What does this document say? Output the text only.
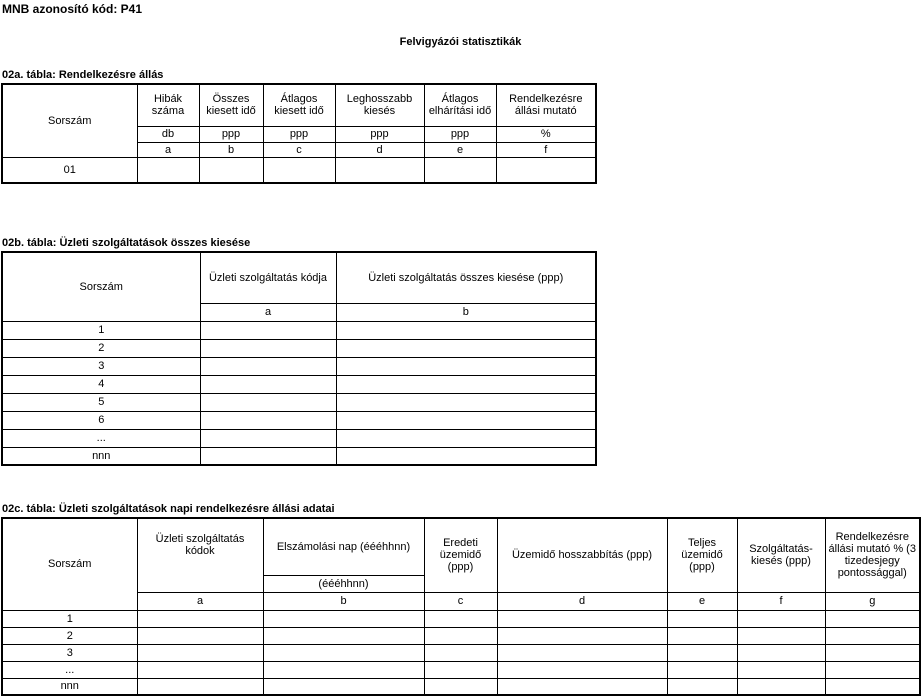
MNB azonosító kód: P41
Felvigyázói statisztikák
02a. tábla: Rendelkezésre állás
Sorszám	Hibák száma	Összes kiesett idő	Átlagos kiesett idő	Leghosszabb kiesés	Átlagos elhárítási idő	Rendelkezésre állási mutató
	db	ppp	ppp	ppp	ppp	%
	a	b	c	d	e	f
01						
02b. tábla: Üzleti szolgáltatások összes kiesése
Sorszám	Üzleti szolgáltatás kódja	Üzleti szolgáltatás összes kiesése (ppp)
	a	b
1		
2		
3		
4		
5		
6		
...		
nnn		
02c. tábla: Üzleti szolgáltatások napi rendelkezésre állási adatai
Sorszám	Üzleti szolgáltatás kódok	Elszámolási nap (éééhhnn)	Eredeti üzemidő (ppp)	Üzemidő hosszabbítás (ppp)	Teljes üzemidő (ppp)	Szolgáltatás-kiesés (ppp)	Rendelkezésre állási mutató % (3 tizedesjegy pontossággal)
		(éééhhnn)					
	a	b	c	d	e	f	g
1							
2							
3							
...							
nnn							
